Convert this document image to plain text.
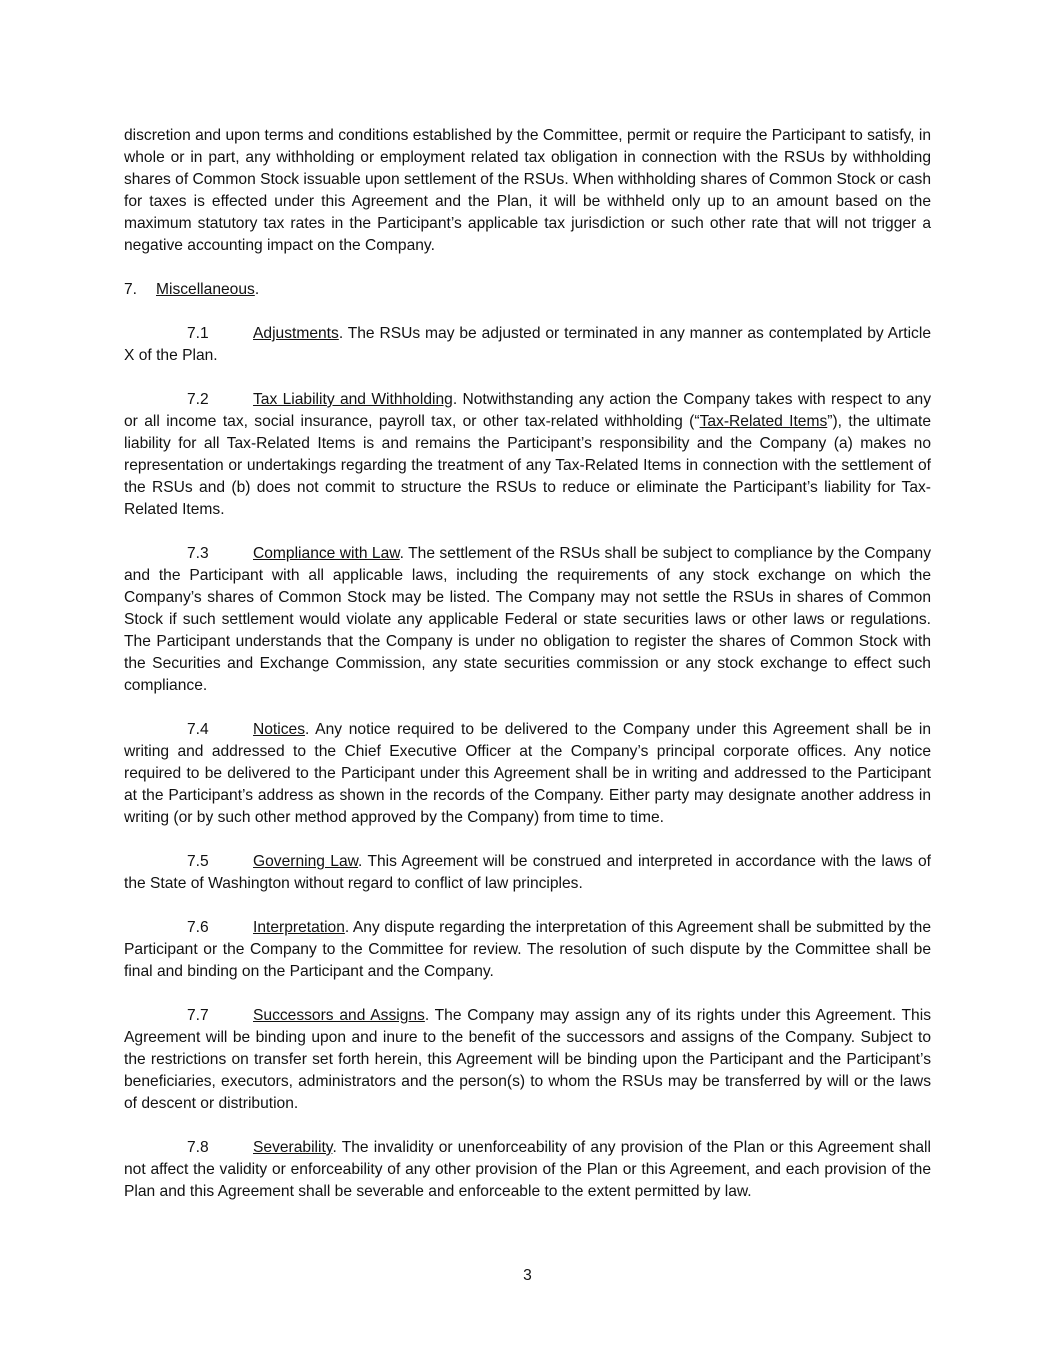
discretion and upon terms and conditions established by the Committee, permit or require the Participant to satisfy, in whole or in part, any withholding or employment related tax obligation in connection with the RSUs by withholding shares of Common Stock issuable upon settlement of the RSUs. When withholding shares of Common Stock or cash for taxes is effected under this Agreement and the Plan, it will be withheld only up to an amount based on the maximum statutory tax rates in the Participant’s applicable tax jurisdiction or such other rate that will not trigger a negative accounting impact on the Company.

7. Miscellaneous.

7.1	Adjustments. The RSUs may be adjusted or terminated in any manner as contemplated by Article X of the Plan.

7.2	Tax Liability and Withholding. Notwithstanding any action the Company takes with respect to any or all income tax, social insurance, payroll tax, or other tax-related withholding (“Tax-Related Items”), the ultimate liability for all Tax-Related Items is and remains the Participant’s responsibility and the Company (a) makes no representation or undertakings regarding the treatment of any Tax-Related Items in connection with the settlement of the RSUs and (b) does not commit to structure the RSUs to reduce or eliminate the Participant’s liability for Tax-Related Items.

7.3	Compliance with Law. The settlement of the RSUs shall be subject to compliance by the Company and the Participant with all applicable laws, including the requirements of any stock exchange on which the Company’s shares of Common Stock may be listed. The Company may not settle the RSUs in shares of Common Stock if such settlement would violate any applicable Federal or state securities laws or other laws or regulations. The Participant understands that the Company is under no obligation to register the shares of Common Stock with the Securities and Exchange Commission, any state securities commission or any stock exchange to effect such compliance.

7.4	Notices. Any notice required to be delivered to the Company under this Agreement shall be in writing and addressed to the Chief Executive Officer at the Company’s principal corporate offices. Any notice required to be delivered to the Participant under this Agreement shall be in writing and addressed to the Participant at the Participant’s address as shown in the records of the Company. Either party may designate another address in writing (or by such other method approved by the Company) from time to time.

7.5	Governing Law. This Agreement will be construed and interpreted in accordance with the laws of the State of Washington without regard to conflict of law principles.

7.6	Interpretation. Any dispute regarding the interpretation of this Agreement shall be submitted by the Participant or the Company to the Committee for review. The resolution of such dispute by the Committee shall be final and binding on the Participant and the Company.

7.7	Successors and Assigns. The Company may assign any of its rights under this Agreement. This Agreement will be binding upon and inure to the benefit of the successors and assigns of the Company. Subject to the restrictions on transfer set forth herein, this Agreement will be binding upon the Participant and the Participant’s beneficiaries, executors, administrators and the person(s) to whom the RSUs may be transferred by will or the laws of descent or distribution.

7.8	Severability. The invalidity or unenforceability of any provision of the Plan or this Agreement shall not affect the validity or enforceability of any other provision of the Plan or this Agreement, and each provision of the Plan and this Agreement shall be severable and enforceable to the extent permitted by law.

3
